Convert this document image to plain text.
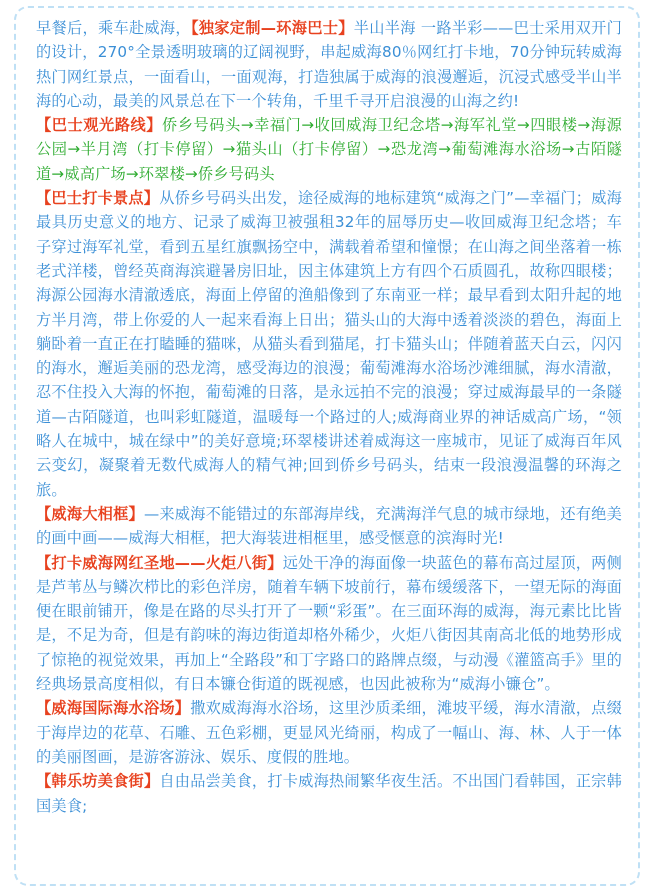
早餐后，乘车赴威海，【独家定制—环海巴士】半山半海 一路半彩——巴士采用双开门的设计，270°全景透明玻璃的辽阔视野，串起威海80％网红打卡地，70分钟玩转威海热门网红景点，一面看山，一面观海，打造独属于威海的浪漫邂逅，沉浸式感受半山半海的心动，最美的风景总在下一个转角，千里千寻开启浪漫的山海之约!

【巴士观光路线】侨乡号码头→幸福门→收回威海卫纪念塔→海军礼堂→四眼楼→海源公园→半月湾（打卡停留）→猫头山（打卡停留）→恐龙湾→葡萄滩海水浴场→古陌隧道→威高广场→环翠楼→侨乡号码头

【巴士打卡景点】从侨乡号码头出发，途径威海的地标建筑“威海之门”—幸福门；威海最具历史意义的地方、记录了威海卫被强租32年的屈辱历史—收回威海卫纪念塔；车子穿过海军礼堂，看到五星红旗飘扬空中，满载着希望和憧憬；在山海之间坐落着一栋老式洋楼，曾经英商海滨避暑房旧址，因主体建筑上方有四个石质圆孔，故称四眼楼；海源公园海水清澈透底，海面上停留的渔船像到了东南亚一样；最早看到太阳升起的地方半月湾，带上你爱的人一起来看海上日出；猫头山的大海中透着淡淡的碧色，海面上躺卧着一直正在打瞌睡的猫咪，从猫头看到猫尾，打卡猫头山；伴随着蓝天白云，闪闪的海水，邂逅美丽的恐龙湾，感受海边的浪漫；葡萄滩海水浴场沙滩细腻，海水清澈，忍不住投入大海的怀抱，葡萄滩的日落，是永远拍不完的浪漫；穿过威海最早的一条隧道—古陌隧道，也叫彩虹隧道，温暖每一个路过的人;威海商业界的神话威高广场，“领略人在城中，城在绿中”的美好意境;环翠楼讲述着威海这一座城市，见证了威海百年风云变幻，凝聚着无数代威海人的精气神;回到侨乡号码头，结束一段浪漫温馨的环海之旅。

【威海大相框】—来威海不能错过的东部海岸线，充满海洋气息的城市绿地，还有绝美的画中画——威海大相框，把大海装进相框里，感受惬意的滨海时光!

【打卡威海网红圣地——火炬八街】远处干净的海面像一块蓝色的幕布高过屋顶，两侧是芦苇丛与鳞次栉比的彩色洋房，随着车辆下坡前行，幕布缓缓落下，一望无际的海面便在眼前铺开，像是在路的尽头打开了一颗“彩蛋”。在三面环海的威海，海元素比比皆是，不足为奇，但是有韵味的海边街道却格外稀少，火炬八街因其南高北低的地势形成了惊艳的视觉效果，再加上“全路段”和丁字路口的路牌点缀，与动漫《灌篮高手》里的经典场景高度相似，有日本镰仓街道的既视感，也因此被称为“威海小镰仓”。

【威海国际海水浴场】撒欢威海海水浴场，这里沙质柔细，滩坡平缓，海水清澈，点缀于海岸边的花草、石雕、五色彩棚，更显风光绮丽，构成了一幅山、海、林、人于一体的美丽图画，是游客游泳、娱乐、度假的胜地。

【韩乐坊美食街】自由品尝美食，打卡威海热闹繁华夜生活。不出国门看韩国，正宗韩国美食;
